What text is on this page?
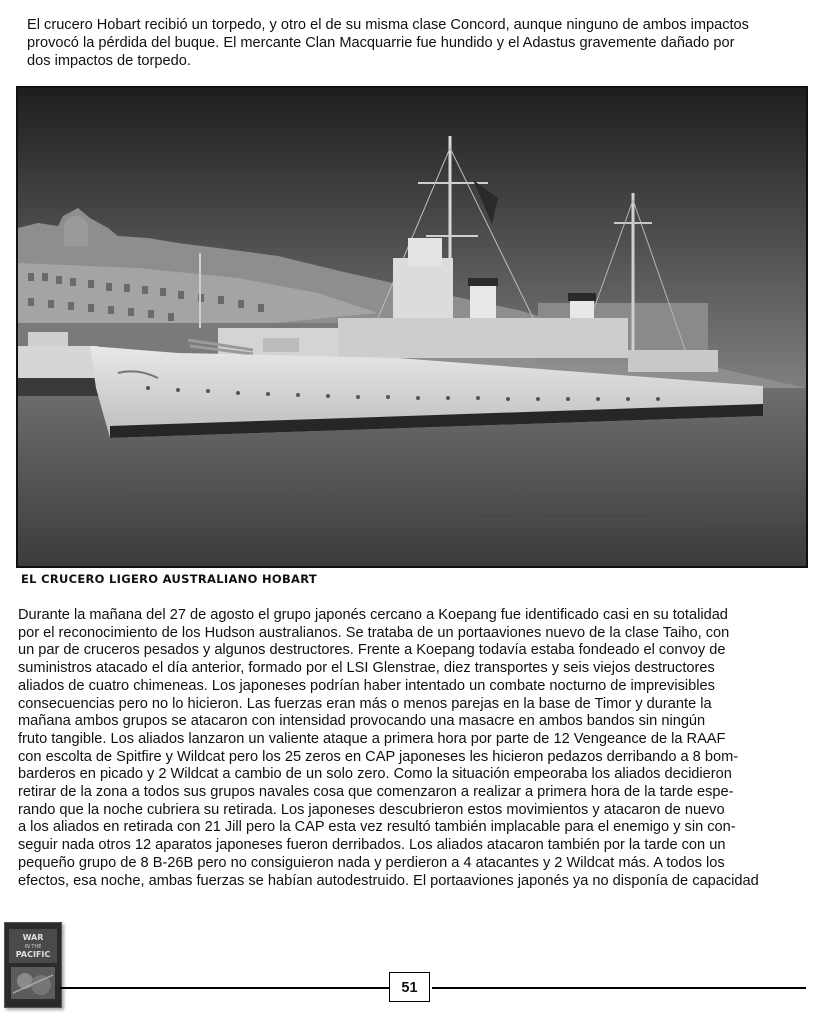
El crucero Hobart recibió un torpedo, y otro el de su misma clase Concord, aunque ninguno de ambos impactos
provocó la pérdida del buque. El mercante Clan Macquarrie fue hundido y el Adastus gravemente dañado por
dos impactos de torpedo.
EL CRUCERO LIGERO AUSTRALIANO HOBART
Durante la mañana del 27 de agosto el grupo japonés cercano a Koepang fue identificado casi en su totalidad
por el reconocimiento de los Hudson australianos. Se trataba de un portaaviones nuevo de la clase Taiho, con
un par de cruceros pesados y algunos destructores. Frente a Koepang todavía estaba fondeado el convoy de
suministros atacado el día anterior, formado por el LSI Glenstrae, diez transportes y seis viejos destructores
aliados de cuatro chimeneas. Los japoneses podrían haber intentado un combate nocturno de imprevisibles
consecuencias pero no lo hicieron. Las fuerzas eran más o menos parejas en la base de Timor y durante la
mañana ambos grupos se atacaron con intensidad provocando una masacre en ambos bandos sin ningún
fruto tangible. Los aliados lanzaron un valiente ataque a primera hora por parte de 12 Vengeance de la RAAF
con escolta de Spitfire y Wildcat pero los 25 zeros en CAP japoneses les hicieron pedazos derribando a 8 bom-
barderos en picado y 2 Wildcat a cambio de un solo zero. Como la situación empeoraba los aliados decidieron
retirar de la zona a todos sus grupos navales cosa que comenzaron a realizar a primera hora de la tarde espe-
rando que la noche cubriera su retirada. Los japoneses descubrieron estos movimientos y atacaron de nuevo
a los aliados en retirada con 21 Jill pero la CAP esta vez resultó también implacable para el enemigo y sin con-
seguir nada otros 12 aparatos japoneses fueron derribados. Los aliados atacaron también por la tarde con un
pequeño grupo de 8 B-26B pero no consiguieron nada y perdieron a 4 atacantes y 2 Wildcat más. A todos los
efectos, esa noche, ambas fuerzas se habían autodestruido. El portaaviones japonés ya no disponía de capacidad
WAR
IN THE
PACIFIC
51
